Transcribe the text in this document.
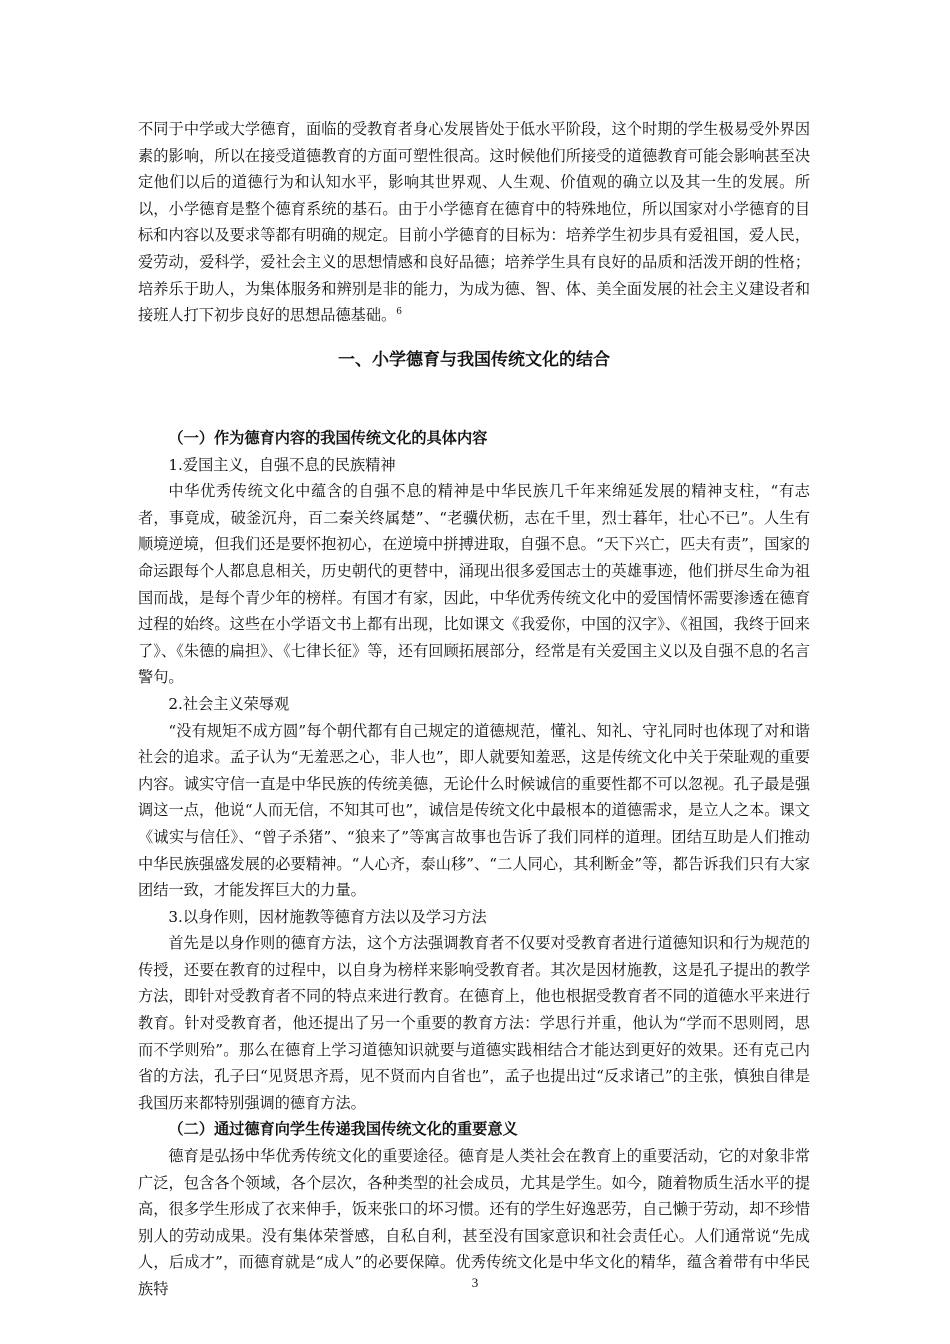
不同于中学或大学德育，面临的受教育者身心发展皆处于低水平阶段，这个时期的学生极易受外界因素的影响，所以在接受道德教育的方面可塑性很高。这时候他们所接受的道德教育可能会影响甚至决定他们以后的道德行为和认知水平，影响其世界观、人生观、价值观的确立以及其一生的发展。所以，小学德育是整个德育系统的基石。由于小学德育在德育中的特殊地位，所以国家对小学德育的目标和内容以及要求等都有明确的规定。目前小学德育的目标为：培养学生初步具有爱祖国，爱人民，爱劳动，爱科学，爱社会主义的思想情感和良好品德；培养学生具有良好的品质和活泼开朗的性格；培养乐于助人，为集体服务和辨别是非的能力，为成为德、智、体、美全面发展的社会主义建设者和接班人打下初步良好的思想品德基础。$^6$

一、小学德育与我国传统文化的结合

（一）作为德育内容的我国传统文化的具体内容

1.爱国主义，自强不息的民族精神

中华优秀传统文化中蕴含的自强不息的精神是中华民族几千年来绵延发展的精神支柱，“有志者，事竟成，破釜沉舟，百二秦关终属楚”、“老骥伏枥，志在千里，烈士暮年，壮心不已”。人生有顺境逆境，但我们还是要怀抱初心，在逆境中拼搏进取，自强不息。“天下兴亡，匹夫有责”，国家的命运跟每个人都息息相关，历史朝代的更替中，涌现出很多爱国志士的英雄事迹，他们拼尽生命为祖国而战，是每个青少年的榜样。有国才有家，因此，中华优秀传统文化中的爱国情怀需要渗透在德育过程的始终。这些在小学语文书上都有出现，比如课文《我爱你，中国的汉字》、《祖国，我终于回来了》、《朱德的扁担》、《七律长征》等，还有回顾拓展部分，经常是有关爱国主义以及自强不息的名言警句。

2.社会主义荣辱观

“没有规矩不成方圆”每个朝代都有自己规定的道德规范，懂礼、知礼、守礼同时也体现了对和谐社会的追求。孟子认为“无羞恶之心，非人也”，即人就要知羞恶，这是传统文化中关于荣耻观的重要内容。诚实守信一直是中华民族的传统美德，无论什么时候诚信的重要性都不可以忽视。孔子最是强调这一点，他说“人而无信，不知其可也”，诚信是传统文化中最根本的道德需求，是立人之本。课文《诚实与信任》、“曾子杀猪”、“狼来了”等寓言故事也告诉了我们同样的道理。团结互助是人们推动中华民族强盛发展的必要精神。“人心齐，泰山移”、“二人同心，其利断金”等，都告诉我们只有大家团结一致，才能发挥巨大的力量。

3.以身作则，因材施教等德育方法以及学习方法

首先是以身作则的德育方法，这个方法强调教育者不仅要对受教育者进行道德知识和行为规范的传授，还要在教育的过程中，以自身为榜样来影响受教育者。其次是因材施教，这是孔子提出的教学方法，即针对受教育者不同的特点来进行教育。在德育上，他也根据受教育者不同的道德水平来进行教育。针对受教育者，他还提出了另一个重要的教育方法：学思行并重，他认为“学而不思则罔，思而不学则殆”。那么在德育上学习道德知识就要与道德实践相结合才能达到更好的效果。还有克己内省的方法，孔子曰“见贤思齐焉，见不贤而内自省也”，孟子也提出过“反求诸己”的主张，慎独自律是我国历来都特别强调的德育方法。

（二）通过德育向学生传递我国传统文化的重要意义

德育是弘扬中华优秀传统文化的重要途径。德育是人类社会在教育上的重要活动，它的对象非常广泛，包含各个领域，各个层次，各种类型的社会成员，尤其是学生。如今，随着物质生活水平的提高，很多学生形成了衣来伸手，饭来张口的坏习惯。还有的学生好逸恶劳，自己懒于劳动，却不珍惜别人的劳动成果。没有集体荣誉感，自私自利，甚至没有国家意识和社会责任心。人们通常说“先成人，后成才”，而德育就是“成人”的必要保障。优秀传统文化是中华文化的精华，蕴含着带有中华民族特	3
